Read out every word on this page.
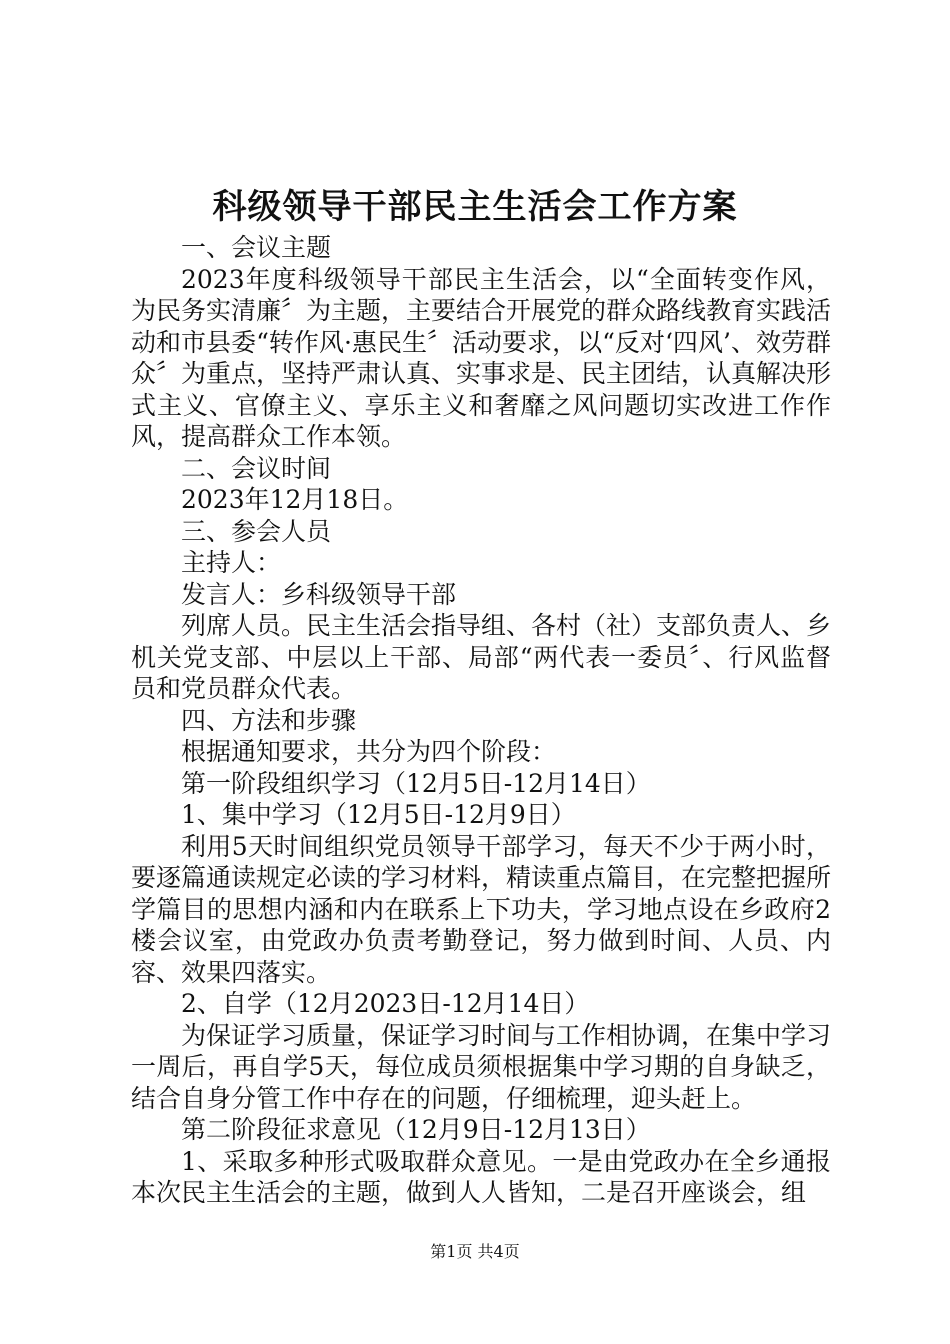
科级领导干部民主生活会工作方案

一、会议主题

2023年度科级领导干部民主生活会，以“全面转变作风，为民务实清廉〞为主题，主要结合开展党的群众路线教育实践活动和市县委“转作风·惠民生〞活动要求，以“反对‘四风’、效劳群众〞为重点，坚持严肃认真、实事求是、民主团结，认真解决形式主义、官僚主义、享乐主义和奢靡之风问题切实改进工作作风，提高群众工作本领。

二、会议时间

2023年12月18日。

三、参会人员

主持人：

发言人：乡科级领导干部

列席人员。民主生活会指导组、各村（社）支部负责人、乡机关党支部、中层以上干部、局部“两代表一委员〞、行风监督员和党员群众代表。

四、方法和步骤

根据通知要求，共分为四个阶段：

第一阶段组织学习（12月5日-12月14日）

1、集中学习（12月5日-12月9日）

利用5天时间组织党员领导干部学习，每天不少于两小时，要逐篇通读规定必读的学习材料，精读重点篇目，在完整把握所学篇目的思想内涵和内在联系上下功夫，学习地点设在乡政府2楼会议室，由党政办负责考勤登记，努力做到时间、人员、内容、效果四落实。

2、自学（12月2023日-12月14日）

为保证学习质量，保证学习时间与工作相协调，在集中学习一周后，再自学5天，每位成员须根据集中学习期的自身缺乏，结合自身分管工作中存在的问题，仔细梳理，迎头赶上。

第二阶段征求意见（12月9日-12月13日）

1、采取多种形式吸取群众意见。一是由党政办在全乡通报本次民主生活会的主题，做到人人皆知，二是召开座谈会，组

第1页 共4页
